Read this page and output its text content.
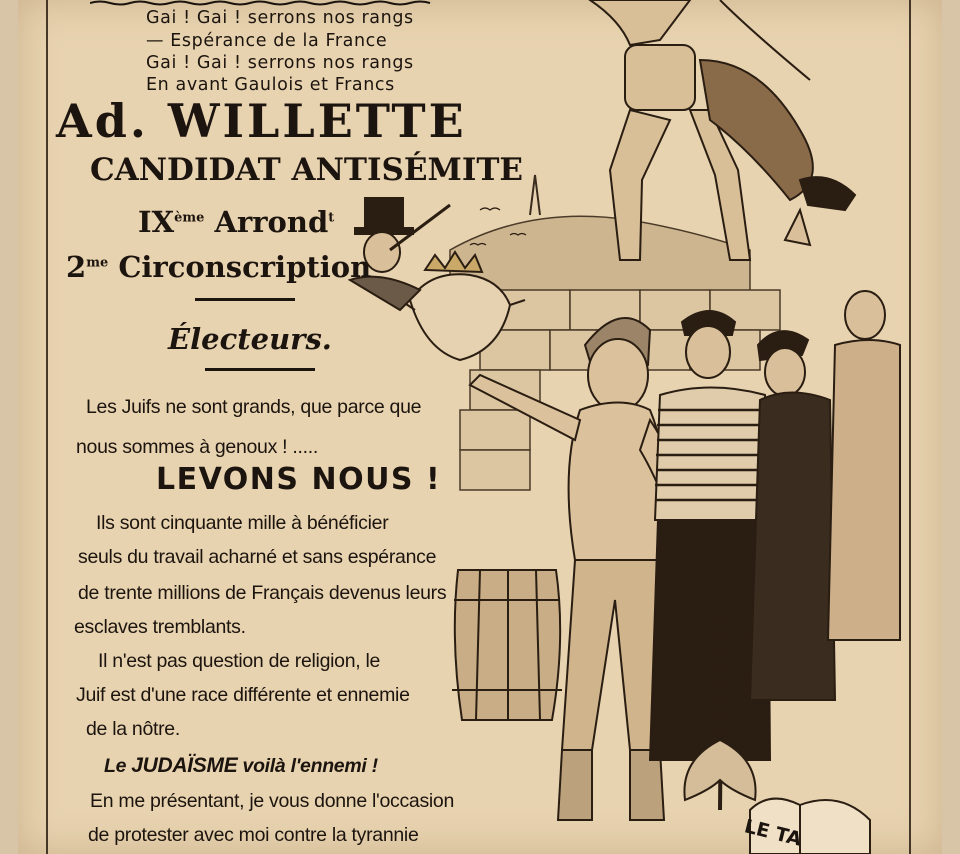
Gai ! Gai ! serrons nos rangs
— Espérance de la France
Gai ! Gai ! serrons nos rangs
En avant Gaulois et Francs
Ad. WILLETTE
CANDIDAT ANTISÉMITE
IXème Arrond$^t$
$2^{me}$ Circonscription
Électeurs.
Les Juifs ne sont grands, que parce que
nous sommes à genoux ! .....
LEVONS NOUS !
Ils sont cinquante mille à bénéficier
seuls du travail acharné et sans espérance
de trente millions de Français devenus leurs
esclaves tremblants.
Il n'est pas question de religion, le
Juif est d'une race différente et ennemie
de la nôtre.
Le JUDAÏSME voilà l'ennemi !
En me présentant, je vous donne l'occasion
de protester avec moi contre la tyrannie	LE TA
